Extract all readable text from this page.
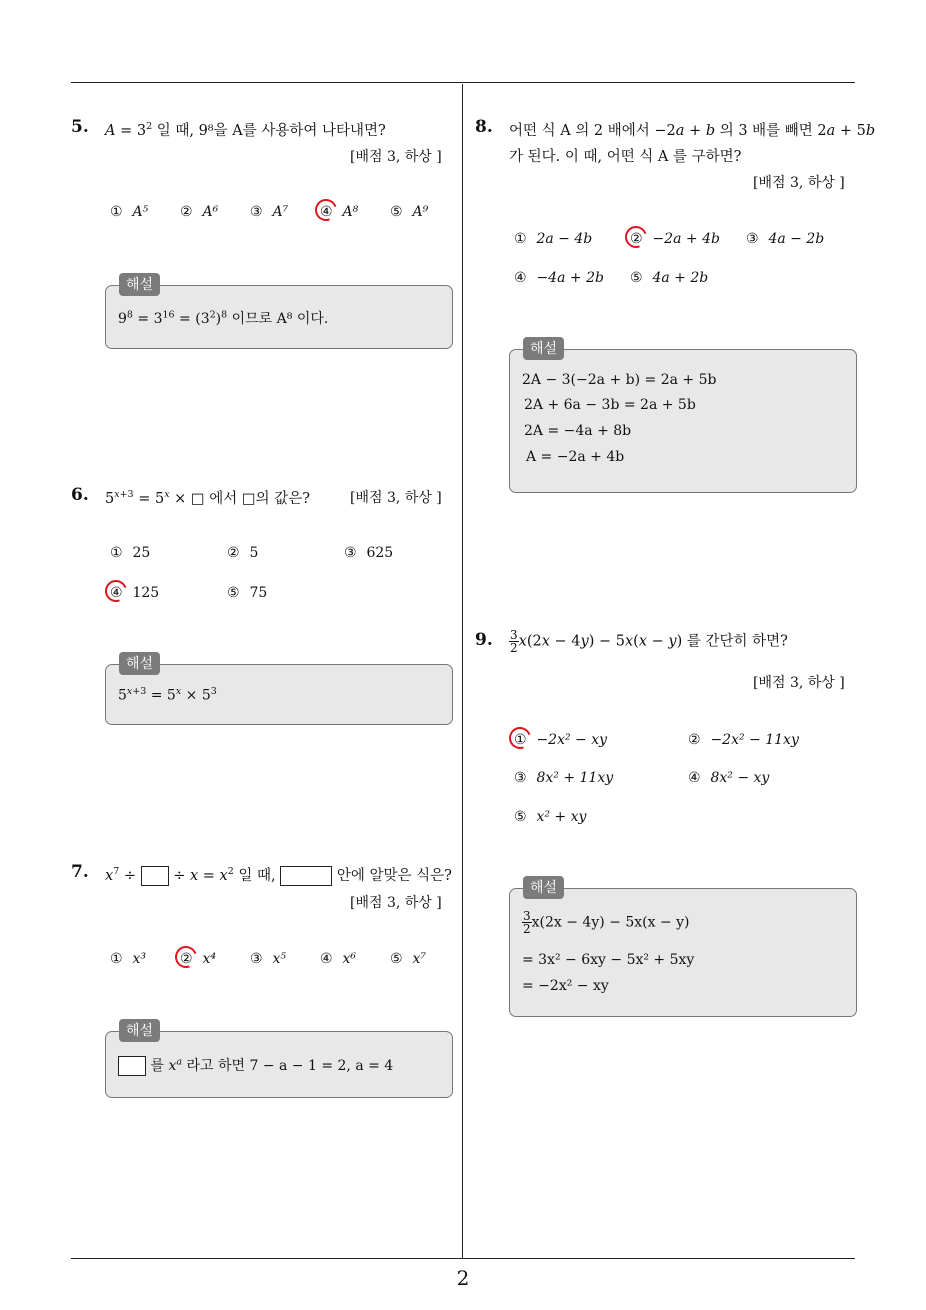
2
5. $A = 3^2$ 일 때, 9⁸을 A를 사용하여 나타내면?
[배점 3, 하상 ]
① A⁵ ② A⁶ ③ A⁷ ④ A⁸ ⑤ A⁹
해설
$9^8 = 3^{16} = (3^2)^8$ 이므로 A⁸ 이다.
6. $5^{x+3} = 5^x$ × □ 에서 □의 값은?	[배점 3, 하상 ]
① 25	② 5	③ 625
④ 125	⑤ 75
해설
$5^{x+3} = 5^x \times 5^3$
7. $x^7$ ÷  ÷ $x = x^2$ 일 때,	안에 알맞은 식은?
[배점 3, 하상 ]
① x³ ② x⁴ ③ x⁵ ④ x⁶ ⑤ x⁷
해설
를 $x^a$ 라고 하면 7 − a − 1 = 2, a = 4
8. 어떤 식 A 의 2 배에서 −2a + b 의 3 배를 빼면 2a + 5b
가 된다. 이 때, 어떤 식 A 를 구하면?
[배점 3, 하상 ]
① 2a − 4b	② −2a + 4b ③ 4a − 2b
④ −4a + 2b ⑤ 4a + 2b
해설
2A − 3(−2a + b) = 2a + 5b
2A + 6a − 3b = 2a + 5b
2A = −4a + 8b
A = −2a + 4b
9. $\frac{3}{2} x(2x - 4y) - 5x(x - y)$ 를 간단히 하면?
[배점 3, 하상 ]
① −2x² − xy	② −2x² − 11xy
③ 8x² + 11xy	④ 8x² − xy
⑤ x² + xy
해설
$\frac{3}{2} x(2x - 4y) - 5x(x - y)$
= 3x² − 6xy − 5x² + 5xy
= −2x² − xy
